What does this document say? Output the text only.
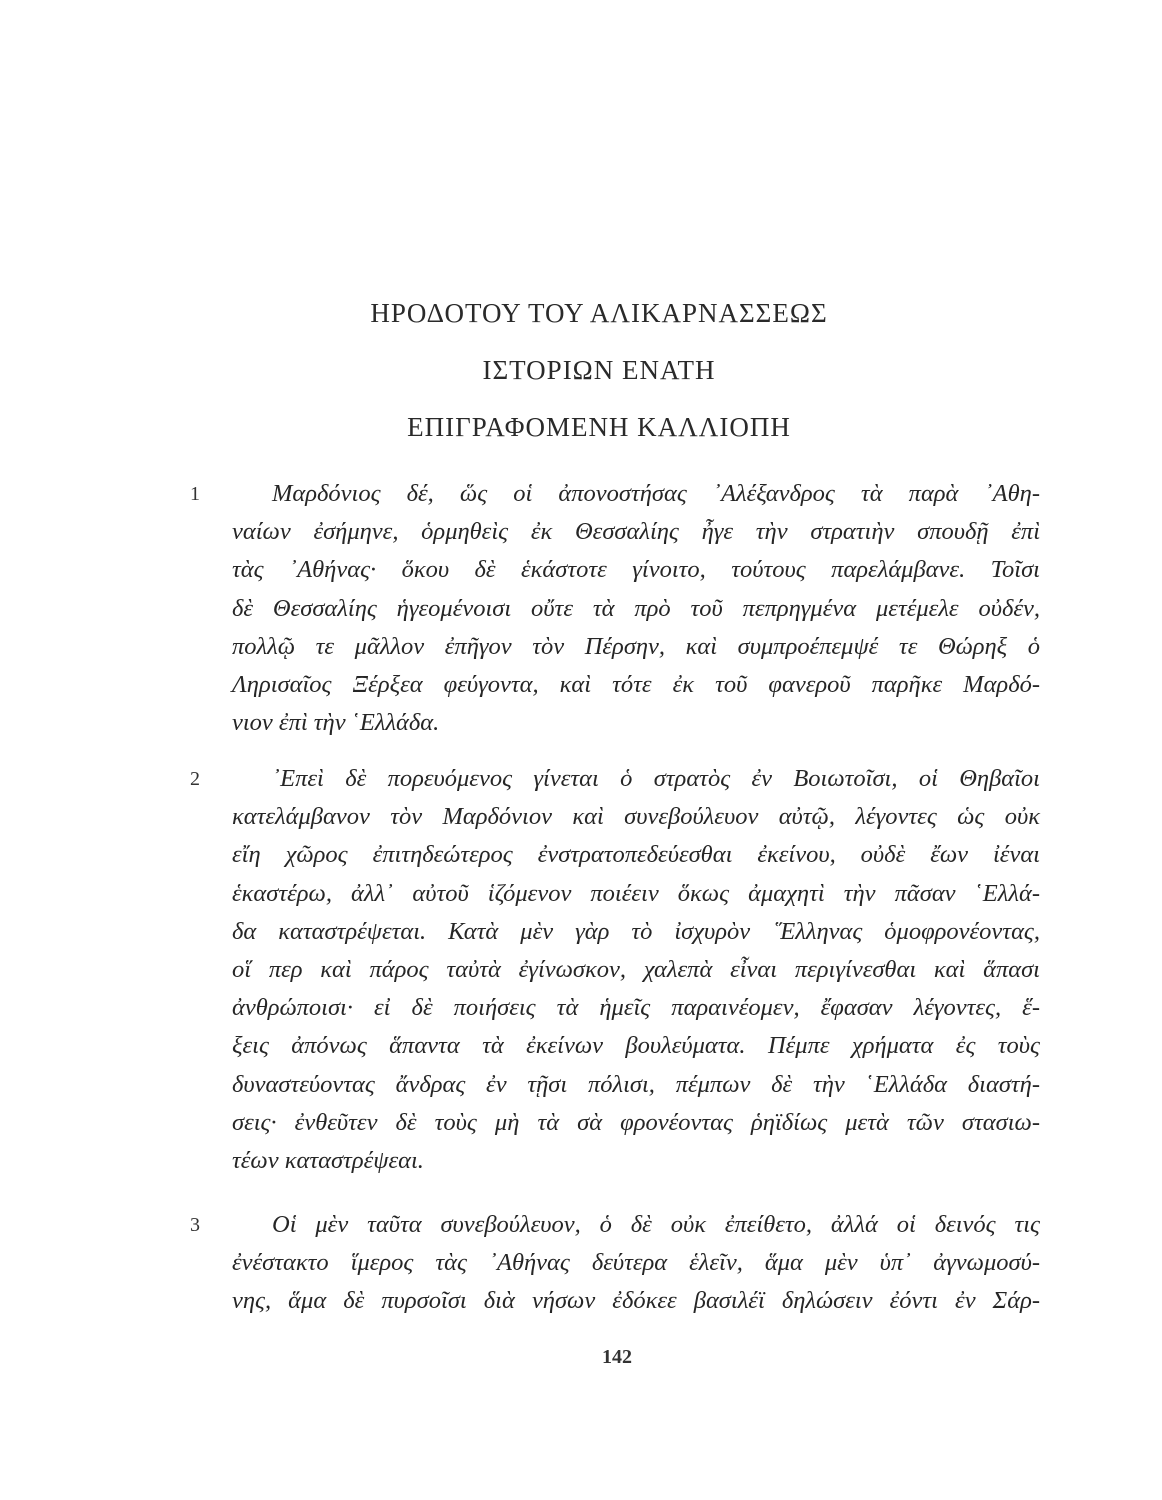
ΗΡΟΔΟΤΟΥ ΤΟΥ ΑΛΙΚΑΡΝΑΣΣΕΩΣ
ΙΣΤΟΡΙΩΝ ΕΝΑΤΗ
ΕΠΙΓΡΑΦΟΜΕΝΗ ΚΑΛΛΙΟΠΗ
1	Μαρδόνιος δέ, ὥς οἱ ἀπονοστήσας ᾿Αλέξανδρος τὰ παρὰ ᾿Αθη-
ναίων ἐσήμηνε, ὁρμηθεὶς ἐκ Θεσσαλίης ἦγε τὴν στρατιὴν σπουδῇ ἐπὶ
τὰς ᾿Αθήνας· ὅκου δὲ ἑκάστοτε γίνοιτο, τούτους παρελάμβανε. Τοῖσι
δὲ Θεσσαλίης ἡγεομένοισι οὔτε τὰ πρὸ τοῦ πεπρηγμένα μετέμελε οὐδέν,
πολλῷ τε μᾶλλον ἐπῆγον τὸν Πέρσην, καὶ συμπροέπεμψέ τε Θώρηξ ὁ
Ληρισαῖος Ξέρξεα φεύγοντα, καὶ τότε ἐκ τοῦ φανεροῦ παρῆκε Μαρδό-
νιον ἐπὶ τὴν ῾Ελλάδα.
2	᾿Επεὶ δὲ πορευόμενος γίνεται ὁ στρατὸς ἐν Βοιωτοῖσι, οἱ Θηβαῖοι
κατελάμβανον τὸν Μαρδόνιον καὶ συνεβούλευον αὐτῷ, λέγοντες ὡς οὐκ
εἴη χῶρος ἐπιτηδεώτερος ἐνστρατοπεδεύεσθαι ἐκείνου, οὐδὲ ἔων ἰέναι
ἑκαστέρω, ἀλλ᾿ αὐτοῦ ἱζόμενον ποιέειν ὅκως ἀμαχητὶ τὴν πᾶσαν ῾Ελλά-
δα καταστρέψεται. Κατὰ μὲν γὰρ τὸ ἰσχυρὸν ῞Ελληνας ὁμοφρονέοντας,
οἵ περ καὶ πάρος ταὐτὰ ἐγίνωσκον, χαλεπὰ εἶναι περιγίνεσθαι καὶ ἅπασι
ἀνθρώποισι· εἰ δὲ ποιήσεις τὰ ἡμεῖς παραινέομεν, ἔφασαν λέγοντες, ἕ-
ξεις ἀπόνως ἅπαντα τὰ ἐκείνων βουλεύματα. Πέμπε χρήματα ἐς τοὺς
δυναστεύοντας ἄνδρας ἐν τῇσι πόλισι, πέμπων δὲ τὴν ῾Ελλάδα διαστή-
σεις· ἐνθεῦτεν δὲ τοὺς μὴ τὰ σὰ φρονέοντας ῥηϊδίως μετὰ τῶν στασιω-
τέων καταστρέψεαι.
3	Οἱ μὲν ταῦτα συνεβούλευον, ὁ δὲ οὐκ ἐπείθετο, ἀλλά οἱ δεινός τις
ἐνέστακτο ἵμερος τὰς ᾿Αθήνας δεύτερα ἑλεῖν, ἅμα μὲν ὑπ᾿ ἀγνωμοσύ-
νης, ἅμα δὲ πυρσοῖσι διὰ νήσων ἐδόκεε βασιλέϊ δηλώσειν ἐόντι ἐν Σάρ-
142
